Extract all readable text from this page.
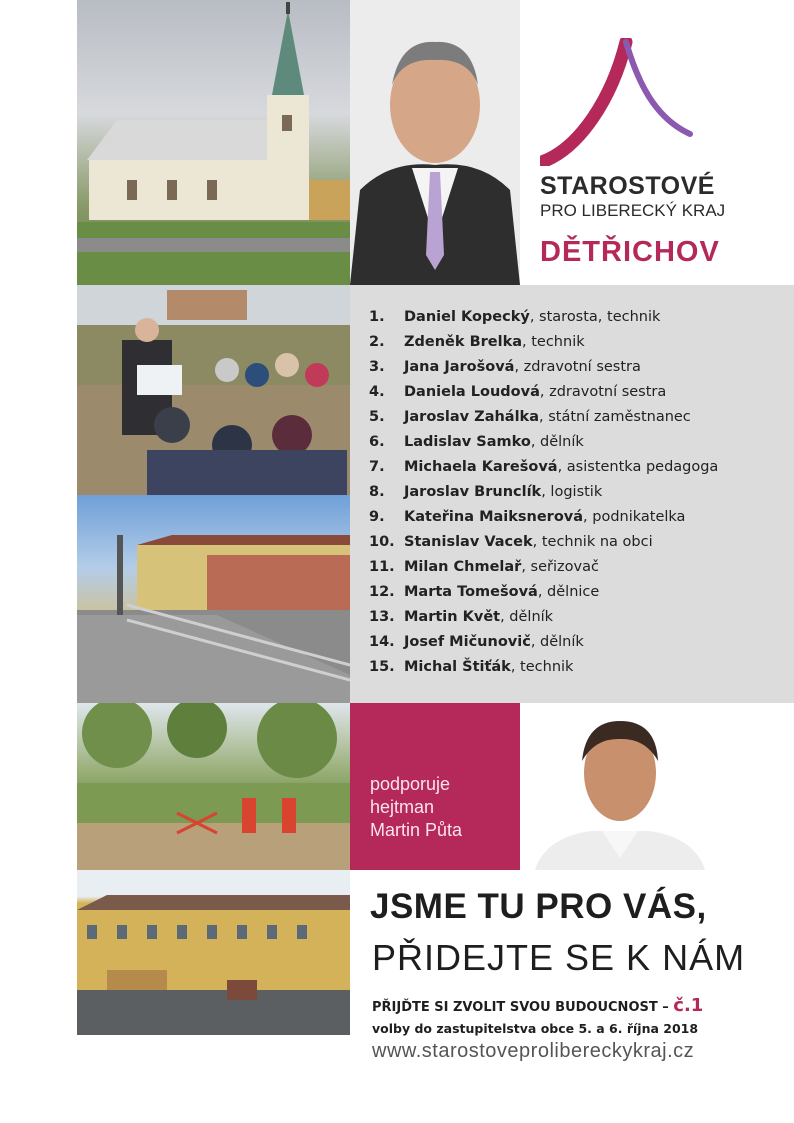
STAROSTOVÉ
PRO LIBERECKÝ KRAJ
DĚTŘICHOV
1. Daniel Kopecký, starosta, technik
2. Zdeněk Brelka, technik
3. Jana Jarošová, zdravotní sestra
4. Daniela Loudová, zdravotní sestra
5. Jaroslav Zahálka, státní zaměstnanec
6. Ladislav Samko, dělník
7. Michaela Karešová, asistentka pedagoga
8. Jaroslav Brunclík, logistik
9. Kateřina Maiksnerová, podnikatelka
10. Stanislav Vacek, technik na obci
11. Milan Chmelař, seřizovač
12. Marta Tomešová, dělnice
13. Martin Květ, dělník
14. Josef Mičunovič, dělník
15. Michal Štiťák, technik
podporuje
hejtman
Martin Půta
JSME TU PRO VÁS,
PŘIDEJTE SE K NÁM
PŘIJĎTE SI ZVOLIT SVOU BUDOUCNOST – č.1
volby do zastupitelstva obce 5. a 6. října 2018
www.starostoveprolibereckykraj.cz
